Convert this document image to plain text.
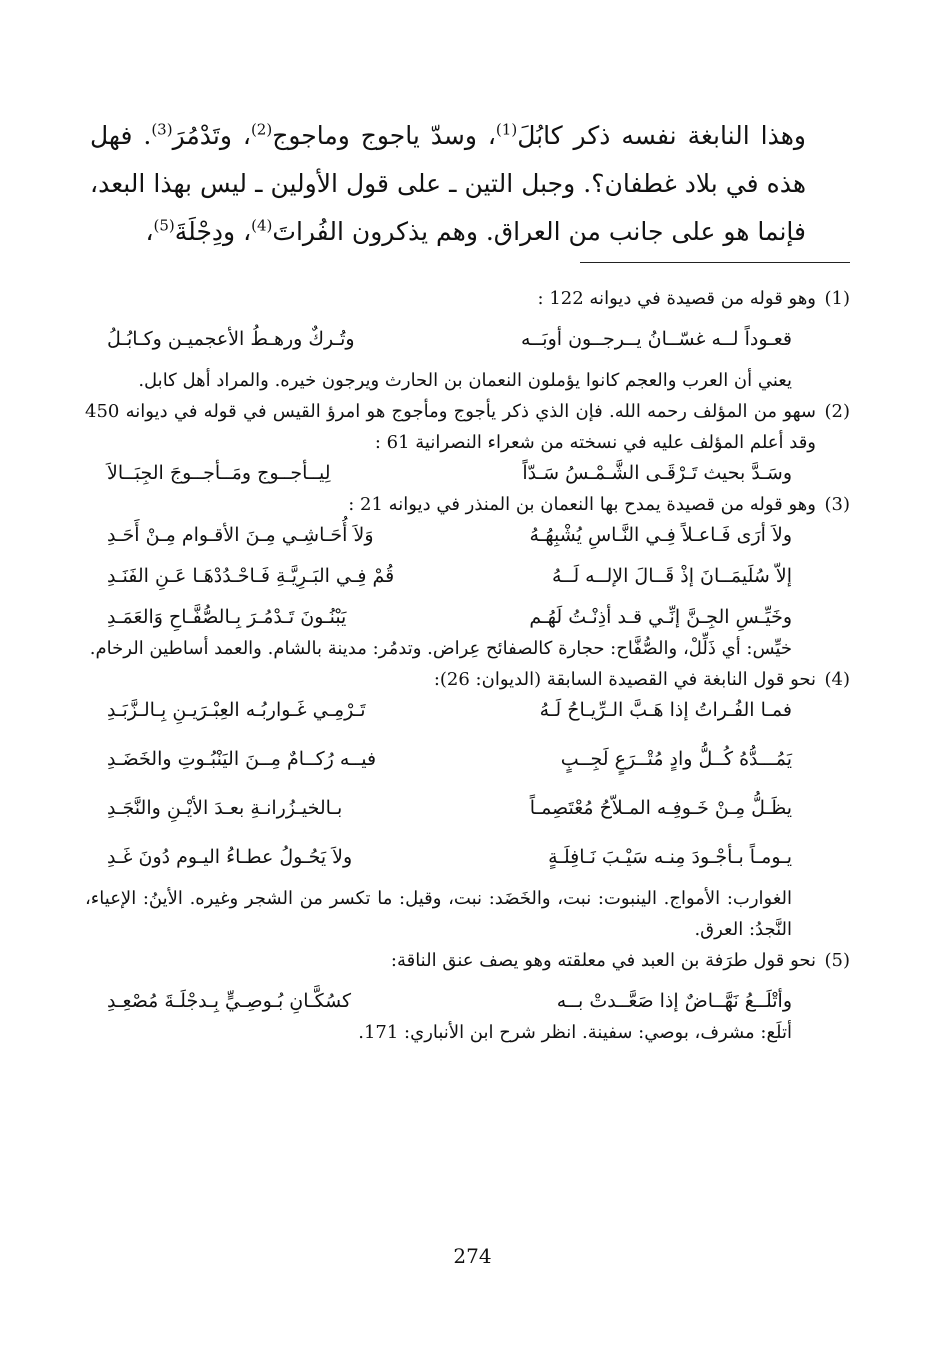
وهذا النابغة نفسه ذكر كابُلَ$^{(1)}$، وسدّ ياجوج وماجوج$^{(2)}$، وتَدْمُرَ$^{(3)}$. فهل هذه في بلاد غطفان؟. وجبل التين ـ على قول الأولين ـ ليس بهذا البعد، فإنما هو على جانب من العراق. وهم يذكرون الفُراتَ$^{(4)}$، ودِجْلَةَ$^{(5)}$،

(1)

وهو قوله من قصيدة في ديوانه 122 :

قعـوداً لــه غسّــانُ يــرجــون أوبَــه
وتُـركٌ ورهـطُ الأعجميـن وكـابُـلُ

يعني أن العرب والعجم كانوا يؤملون النعمان بن الحارث ويرجون خيره. والمراد أهل كابل.

(2)

سهو من المؤلف رحمه الله. فإن الذي ذكر يأجوج ومأجوج هو امرؤ القيس في قوله في ديوانه 450 وقد أعلم المؤلف عليه في نسخته من شعراء النصرانية 61 :

وسَـدَّ بحيث تَـرْقَـى الشَّـمْـسُ سَـدّاً
لِيــأجــوج ومَــأجــوجَ الجِبَــالاَ
(3)

وهو قوله من قصيدة يمدح بها النعمان بن المنذر في ديوانه 21 :

ولاَ أرَى فَـاعـلاً فِـي النَّـاسِ يُشْبِهُـهُ
وَلاَ أُحَـاشِـي مِـنَ الأقـوام مِـنْ أَحَـدِ
إلاّ سُلَيمَــانَ إذْ قَــالَ الإلــه لَــهُ
قُمْ فِـي البَـرِيَّـةِ فَـاحْـدُدْهَـا عَـنِ الفَنَـدِ
وخَيِّـسِ الجِـنَّ إنِّـي قـد أذِنْـتُ لَهُـم
يَبْنُـونَ تَـدْمُـرَ بِـالصُّفَّـاحِ وَالعَمَـدِ

خيِّس: أي ذَلِّلْ، والصُّفَّاح: حجارة كالصفائح عِراض. وتدمُر: مدينة بالشام. والعمد أساطين الرخام.

(4)

نحو قول النابغة في القصيدة السابقة (الديوان: 26):

فمـا الفُـراتُ إذا هَـبَّ الـرِّيـاحُ لَـهُ
تَـرْمِـي غَـواربُـه العِبْـرَيـنِ بِـالـزَّبَـدِ
يَمُـــدُّهُ كُــلُّ وادٍ مُتْــرَعٍ لَجِــبٍ
فيــه رُكــامٌ مِــنَ اليَنْبُـوتِ والخَضَـدِ
يظَـلُّ مِـنْ خَـوفِـه المـلاّحُ مُعْتَصِمـاً
بـالخيـزُرانـةِ بعـدَ الأيْـنِ والنَّجَـدِ
يـومـاً بـأجْـودَ مِنـه سَيْـبَ نَـافِلَـةٍ
ولاَ يَحُـولُ عطـاءُ اليـوم دُونَ غَـدِ

الغوارب: الأمواج. الينبوت: نبت، والخَضَد: نبت، وقيل: ما تكسر من الشجر وغيره. الأينُ: الإعياء، النَّجدُ: العرق.

(5)

نحو قول طرَفة بن العبد في معلقته وهو يصف عنق الناقة:

وأتْلَــعُ نَهَّــاضٌ إذا صَعَّــدتْ بــه
كسُكَّـانِ بُـوصِـيٍّ بِـدجْلَـةَ مُصْعِـدِ

أتلَع: مشرف، بوصي: سفينة. انظر شرح ابن الأنباري: 171.

274
